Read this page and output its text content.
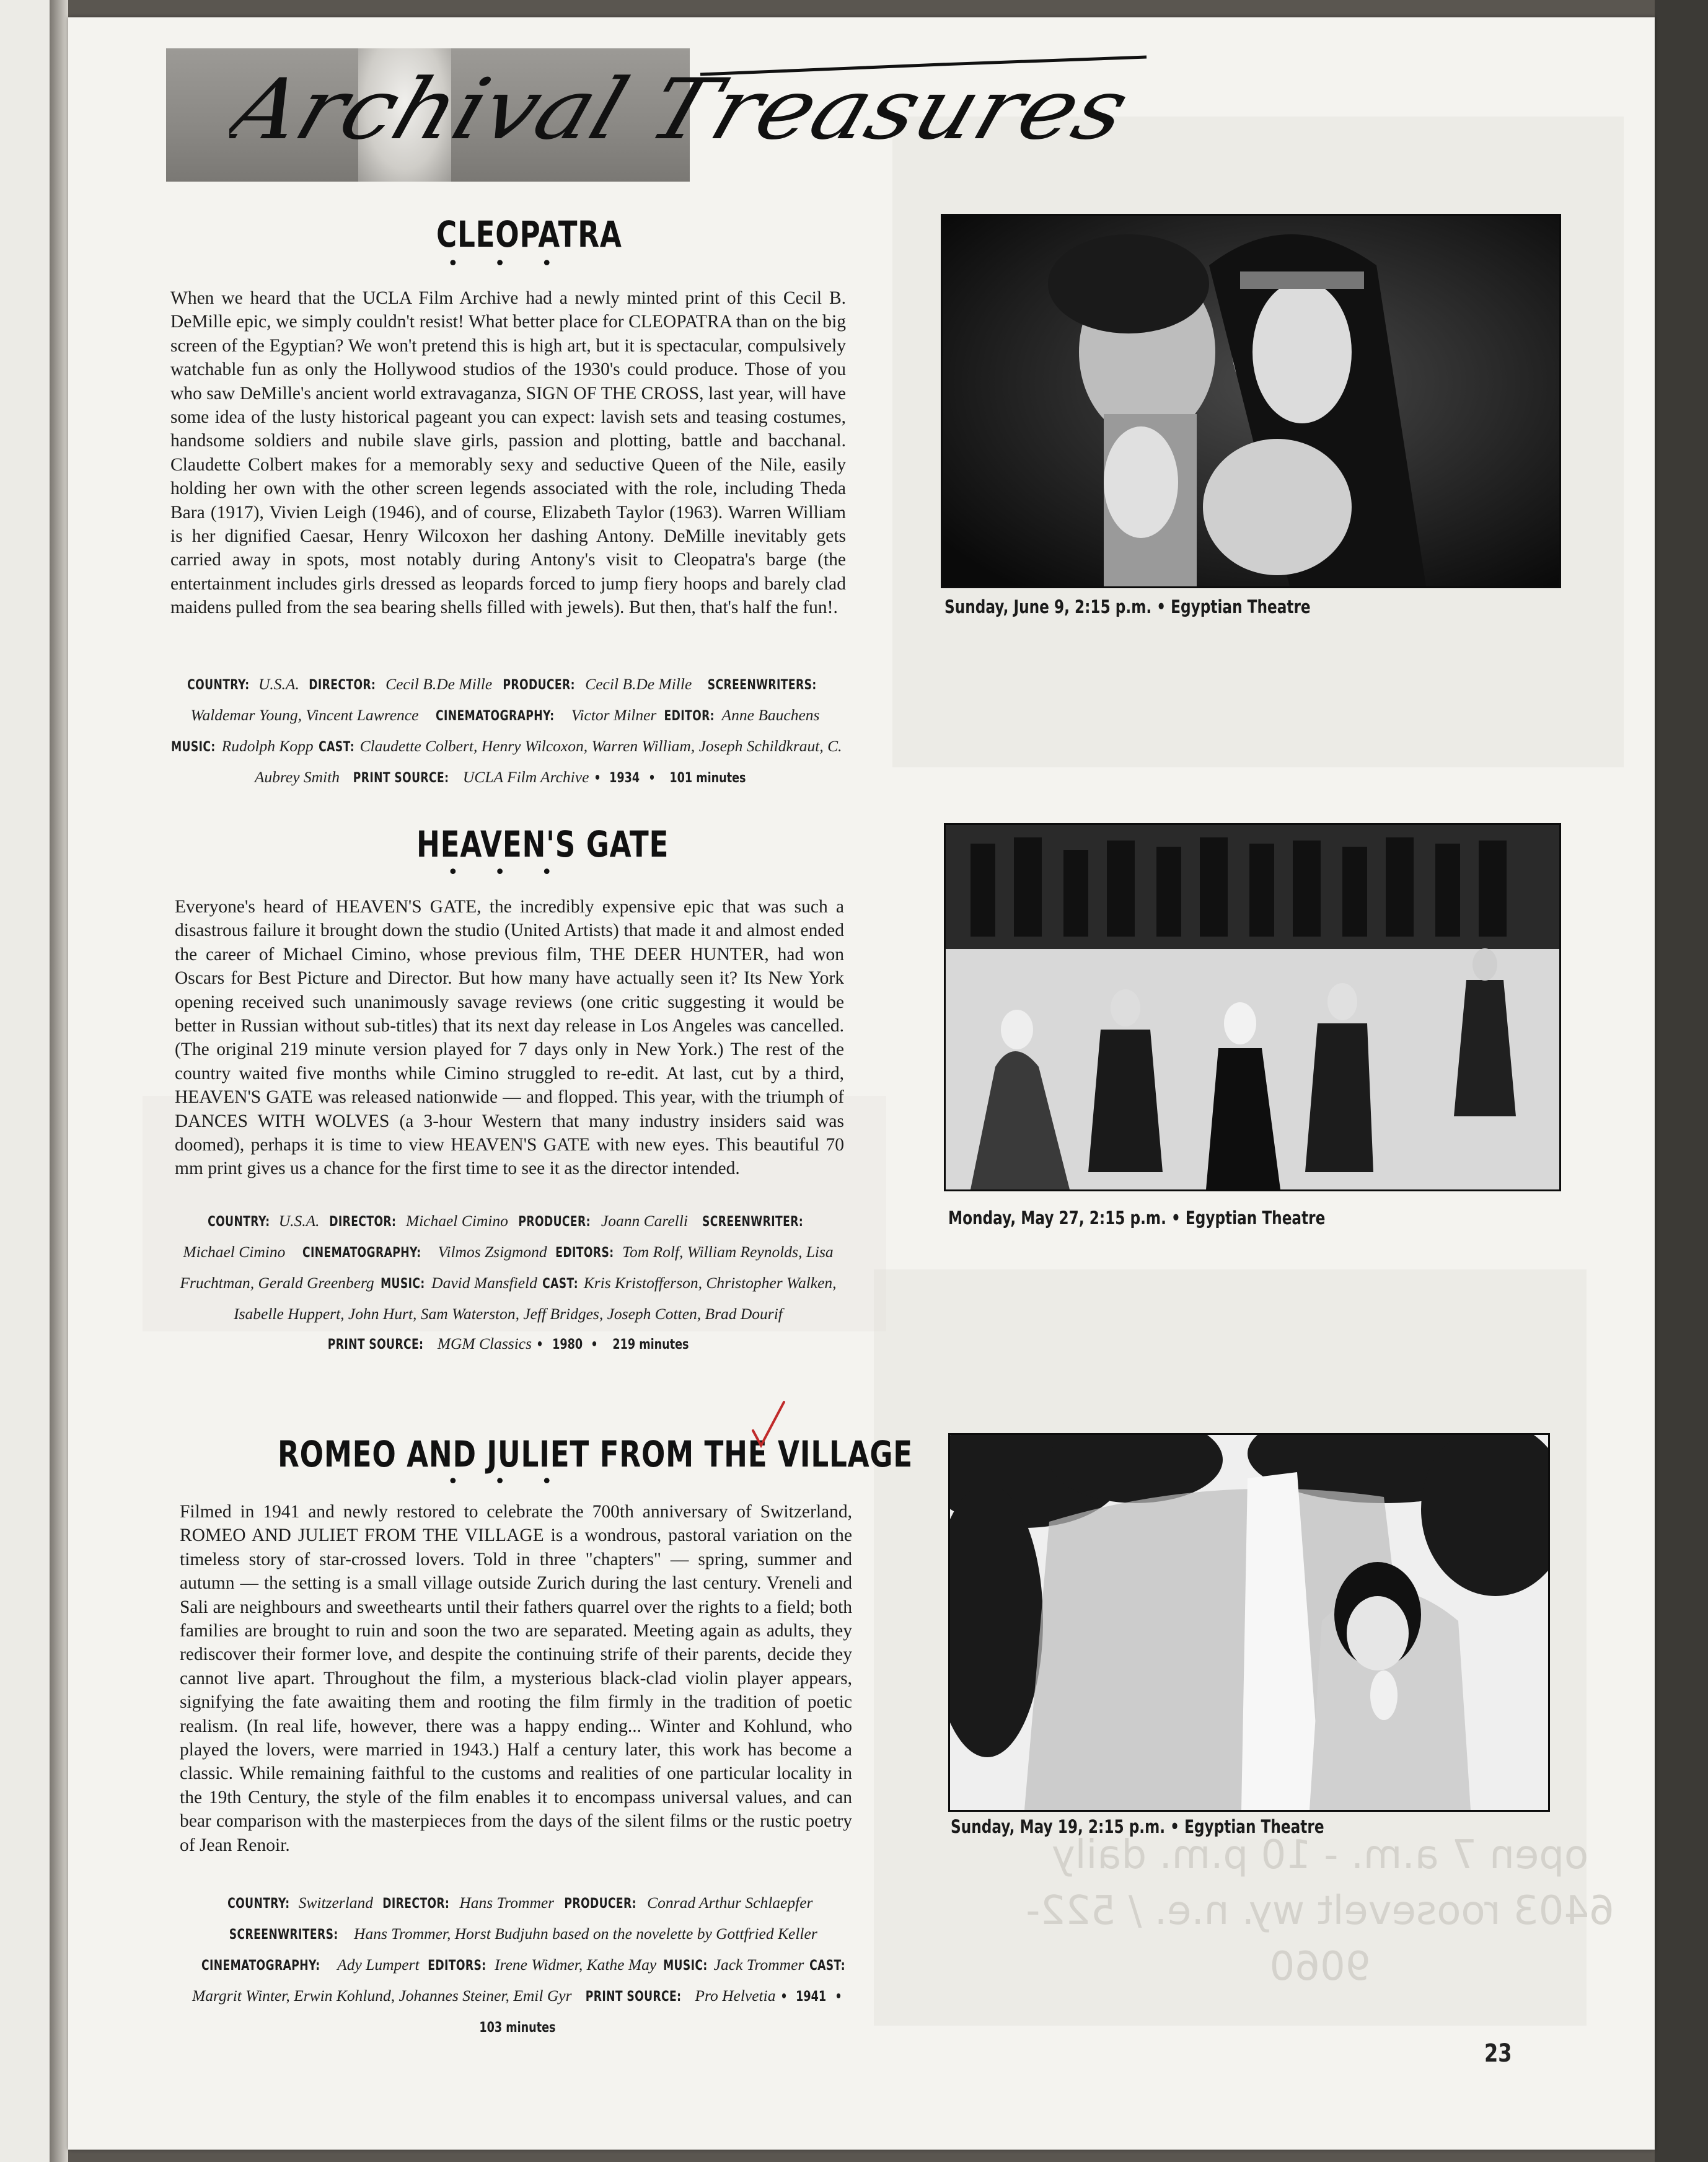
open 7 a.m. - 10 p.m. daily
6403 roosevelt wy. n.e. / 522-9060
Archival Treasures
CLEOPATRA
•••
When we heard that the UCLA Film Archive had a newly minted print of this Cecil B. DeMille epic, we simply couldn't resist! What better place for CLEOPATRA than on the big screen of the Egyptian? We won't pretend this is high art, but it is spectacular, compulsively watchable fun as only the Hollywood studios of the 1930's could produce. Those of you who saw DeMille's ancient world extravaganza, SIGN OF THE CROSS, last year, will have some idea of the lusty historical pageant you can expect: lavish sets and teasing costumes, handsome soldiers and nubile slave girls, passion and plotting, battle and bacchanal. Claudette Colbert makes for a memorably sexy and seductive Queen of the Nile, easily holding her own with the other screen legends associated with the role, including Theda Bara (1917), Vivien Leigh (1946), and of course, Elizabeth Taylor (1963). Warren William is her dignified Caesar, Henry Wilcoxon her dashing Antony. DeMille inevitably gets carried away in spots, most notably during Antony's visit to Cleopatra's barge (the entertainment includes girls dressed as leopards forced to jump fiery hoops and barely clad maidens pulled from the sea bearing shells filled with jewels). But then, that's half the fun!.
COUNTRY: U.S.A. DIRECTOR: Cecil B.De Mille PRODUCER: Cecil B.De Mille SCREENWRITERS: Waldemar Young, Vincent Lawrence CINEMATOGRAPHY: Victor Milner EDITOR: Anne Bauchens MUSIC: Rudolph Kopp CAST: Claudette Colbert, Henry Wilcoxon, Warren William, Joseph Schildkraut, C. Aubrey Smith PRINT SOURCE: UCLA Film Archive • 1934 • 101 minutes
Sunday, June 9, 2:15 p.m. • Egyptian Theatre
HEAVEN'S GATE
•••
Everyone's heard of HEAVEN'S GATE, the incredibly expensive epic that was such a disastrous failure it brought down the studio (United Artists) that made it and almost ended the career of Michael Cimino, whose previous film, THE DEER HUNTER, had won Oscars for Best Picture and Director. But how many have actually seen it? Its New York opening received such unanimously savage reviews (one critic suggesting it would be better in Russian without sub-titles) that its next day release in Los Angeles was cancelled. (The original 219 minute version played for 7 days only in New York.) The rest of the country waited five months while Cimino struggled to re-edit. At last, cut by a third, HEAVEN'S GATE was released nationwide — and flopped. This year, with the triumph of DANCES WITH WOLVES (a 3-hour Western that many industry insiders said was doomed), perhaps it is time to view HEAVEN'S GATE with new eyes. This beautiful 70 mm print gives us a chance for the first time to see it as the director intended.
COUNTRY: U.S.A. DIRECTOR: Michael Cimino PRODUCER: Joann Carelli SCREENWRITER: Michael Cimino CINEMATOGRAPHY: Vilmos Zsigmond EDITORS: Tom Rolf, William Reynolds, Lisa Fruchtman, Gerald Greenberg MUSIC: David Mansfield CAST: Kris Kristofferson, Christopher Walken, Isabelle Huppert, John Hurt, Sam Waterston, Jeff Bridges, Joseph Cotten, Brad Dourif PRINT SOURCE: MGM Classics • 1980 • 219 minutes
Monday, May 27, 2:15 p.m. • Egyptian Theatre
ROMEO AND JULIET FROM THE VILLAGE
•••
Filmed in 1941 and newly restored to celebrate the 700th anniversary of Switzerland, ROMEO AND JULIET FROM THE VILLAGE is a wondrous, pastoral variation on the timeless story of star-crossed lovers. Told in three "chapters" — spring, summer and autumn — the setting is a small village outside Zurich during the last century. Vreneli and Sali are neighbours and sweethearts until their fathers quarrel over the rights to a field; both families are brought to ruin and soon the two are separated. Meeting again as adults, they rediscover their former love, and despite the continuing strife of their parents, decide they cannot live apart. Throughout the film, a mysterious black-clad violin player appears, signifying the fate awaiting them and rooting the film firmly in the tradition of poetic realism. (In real life, however, there was a happy ending... Winter and Kohlund, who played the lovers, were married in 1943.) Half a century later, this work has become a classic. While remaining faithful to the customs and realities of one particular locality in the 19th Century, the style of the film enables it to encompass universal values, and can bear comparison with the masterpieces from the days of the silent films or the rustic poetry of Jean Renoir.
COUNTRY: Switzerland DIRECTOR: Hans Trommer PRODUCER: Conrad Arthur Schlaepfer SCREENWRITERS: Hans Trommer, Horst Budjuhn based on the novelette by Gottfried Keller CINEMATOGRAPHY: Ady Lumpert EDITORS: Irene Widmer, Kathe May MUSIC: Jack Trommer CAST: Margrit Winter, Erwin Kohlund, Johannes Steiner, Emil Gyr PRINT SOURCE: Pro Helvetia • 1941 • 103 minutes
Sunday, May 19, 2:15 p.m. • Egyptian Theatre
23
